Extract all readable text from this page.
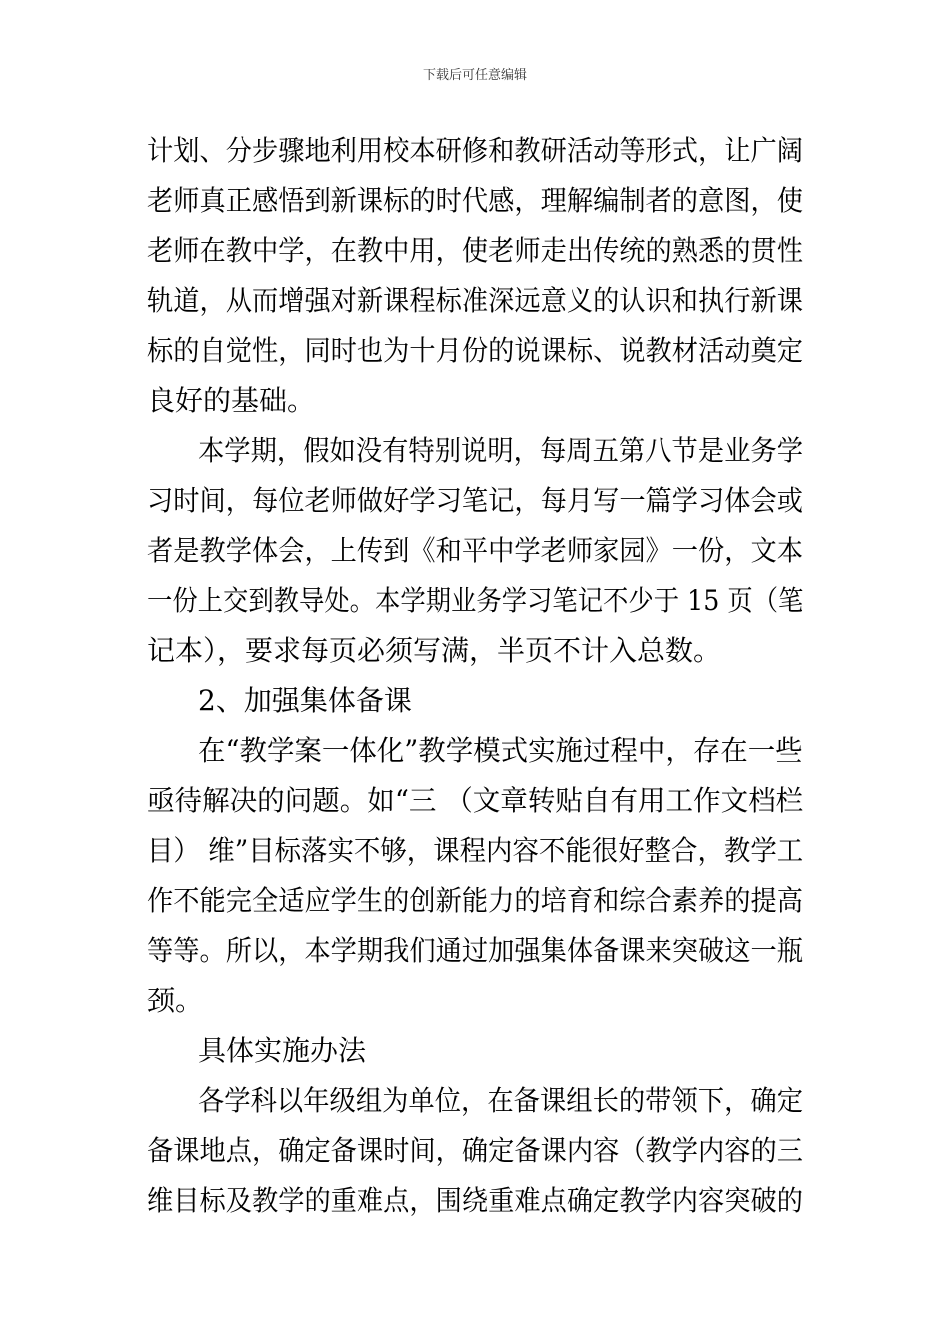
下载后可任意编辑
计划、分步骤地利用校本研修和教研活动等形式，让广阔
老师真正感悟到新课标的时代感，理解编制者的意图，使
老师在教中学，在教中用，使老师走出传统的熟悉的贯性
轨道，从而增强对新课程标准深远意义的认识和执行新课
标的自觉性，同时也为十月份的说课标、说教材活动奠定
良好的基础。
本学期，假如没有特别说明，每周五第八节是业务学
习时间，每位老师做好学习笔记，每月写一篇学习体会或
者是教学体会，上传到《和平中学老师家园》一份，文本
一份上交到教导处。本学期业务学习笔记不少于 15 页（笔
记本），要求每页必须写满，半页不计入总数。
2、加强集体备课
在“教学案一体化”教学模式实施过程中，存在一些
亟待解决的问题。如“三 （文章转贴自有用工作文档栏
目） 维”目标落实不够，课程内容不能很好整合，教学工
作不能完全适应学生的创新能力的培育和综合素养的提高
等等。所以，本学期我们通过加强集体备课来突破这一瓶
颈。
具体实施办法
各学科以年级组为单位，在备课组长的带领下，确定
备课地点，确定备课时间，确定备课内容（教学内容的三
维目标及教学的重难点，围绕重难点确定教学内容突破的
